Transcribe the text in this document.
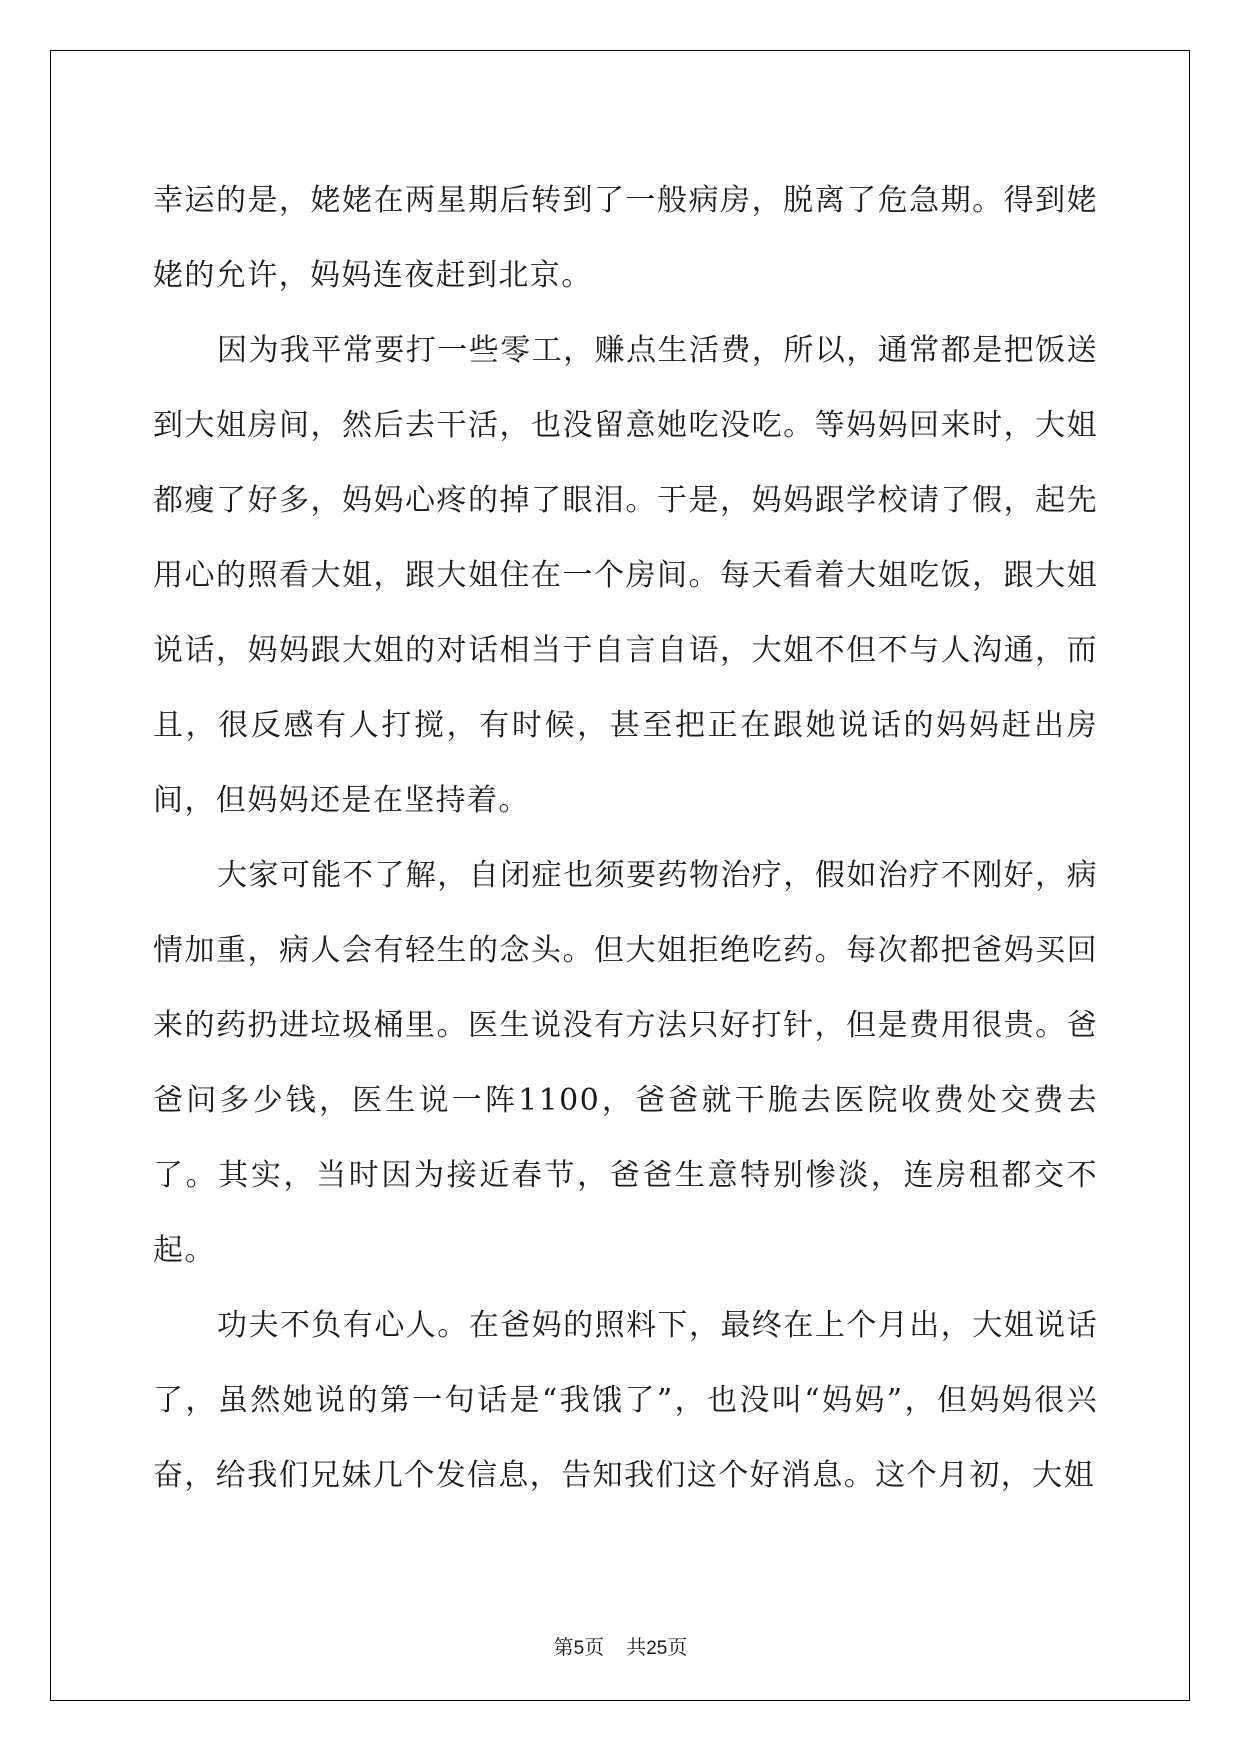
幸运的是，姥姥在两星期后转到了一般病房，脱离了危急期。得到姥姥的允许，妈妈连夜赶到北京。

因为我平常要打一些零工，赚点生活费，所以，通常都是把饭送到大姐房间，然后去干活，也没留意她吃没吃。等妈妈回来时，大姐都瘦了好多，妈妈心疼的掉了眼泪。于是，妈妈跟学校请了假，起先用心的照看大姐，跟大姐住在一个房间。每天看着大姐吃饭，跟大姐说话，妈妈跟大姐的对话相当于自言自语，大姐不但不与人沟通，而且，很反感有人打搅，有时候，甚至把正在跟她说话的妈妈赶出房间，但妈妈还是在坚持着。

大家可能不了解，自闭症也须要药物治疗，假如治疗不刚好，病情加重，病人会有轻生的念头。但大姐拒绝吃药。每次都把爸妈买回来的药扔进垃圾桶里。医生说没有方法只好打针，但是费用很贵。爸爸问多少钱，医生说一阵1100，爸爸就干脆去医院收费处交费去了。其实，当时因为接近春节，爸爸生意特别惨淡，连房租都交不起。

功夫不负有心人。在爸妈的照料下，最终在上个月出，大姐说话了，虽然她说的第一句话是“我饿了”，也没叫“妈妈”，但妈妈很兴奋，给我们兄妹几个发信息，告知我们这个好消息。这个月初，大姐

第5页 共25页
